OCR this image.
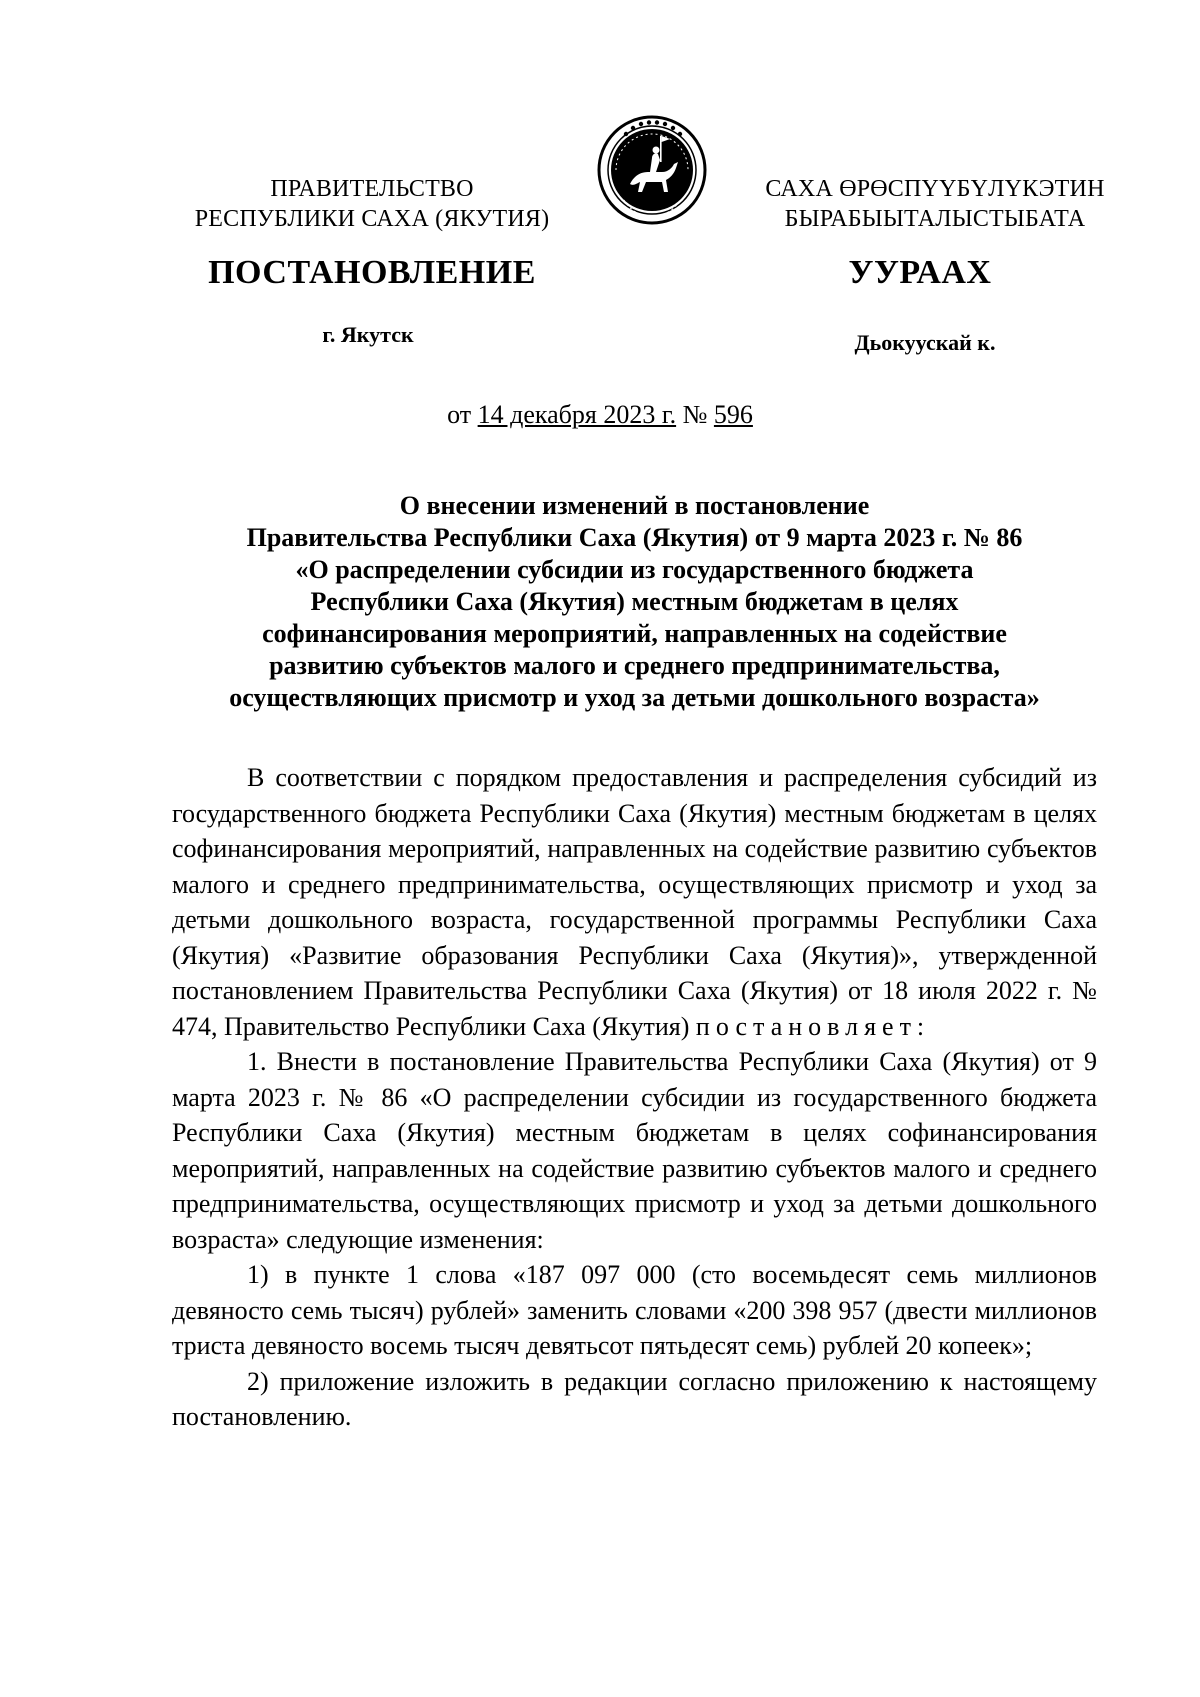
ПРАВИТЕЛЬСТВО
РЕСПУБЛИКИ САХА (ЯКУТИЯ)
САХА ӨРӨСПҮҮБҮЛҮКЭТИН
БЫРАБЫЫТАЛЫСТЫБАТА
ПОСТАНОВЛЕНИЕ	УУРААХ
г. Якутск	Дьокуускай к.
от 14 декабря 2023 г. № 596
О внесении изменений в постановление
Правительства Республики Саха (Якутия) от 9 марта 2023 г. № 86
«О распределении субсидии из государственного бюджета
Республики Саха (Якутия) местным бюджетам в целях
софинансирования мероприятий, направленных на содействие
развитию субъектов малого и среднего предпринимательства,
осуществляющих присмотр и уход за детьми дошкольного возраста»

В соответствии с порядком предоставления и распределения субсидий из государственного бюджета Республики Саха (Якутия) местным бюджетам в целях софинансирования мероприятий, направленных на содействие развитию субъектов малого и среднего предпринимательства, осуществляющих присмотр и уход за детьми дошкольного возраста, государственной программы Республики Саха (Якутия) «Развитие образования Республики Саха (Якутия)», утвержденной постановлением Правительства Республики Саха (Якутия) от 18 июля 2022 г. № 474, Правительство Республики Саха (Якутия) постановляет:

1. Внести в постановление Правительства Республики Саха (Якутия) от 9 марта 2023 г. № 86 «О распределении субсидии из государственного бюджета Республики Саха (Якутия) местным бюджетам в целях софинансирования мероприятий, направленных на содействие развитию субъектов малого и среднего предпринимательства, осуществляющих присмотр и уход за детьми дошкольного возраста» следующие изменения:

1) в пункте 1 слова «187 097 000 (сто восемьдесят семь миллионов девяносто семь тысяч) рублей» заменить словами «200 398 957 (двести миллионов триста девяносто восемь тысяч девятьсот пятьдесят семь) рублей 20 копеек»;

2) приложение изложить в редакции согласно приложению к настоящему постановлению.
